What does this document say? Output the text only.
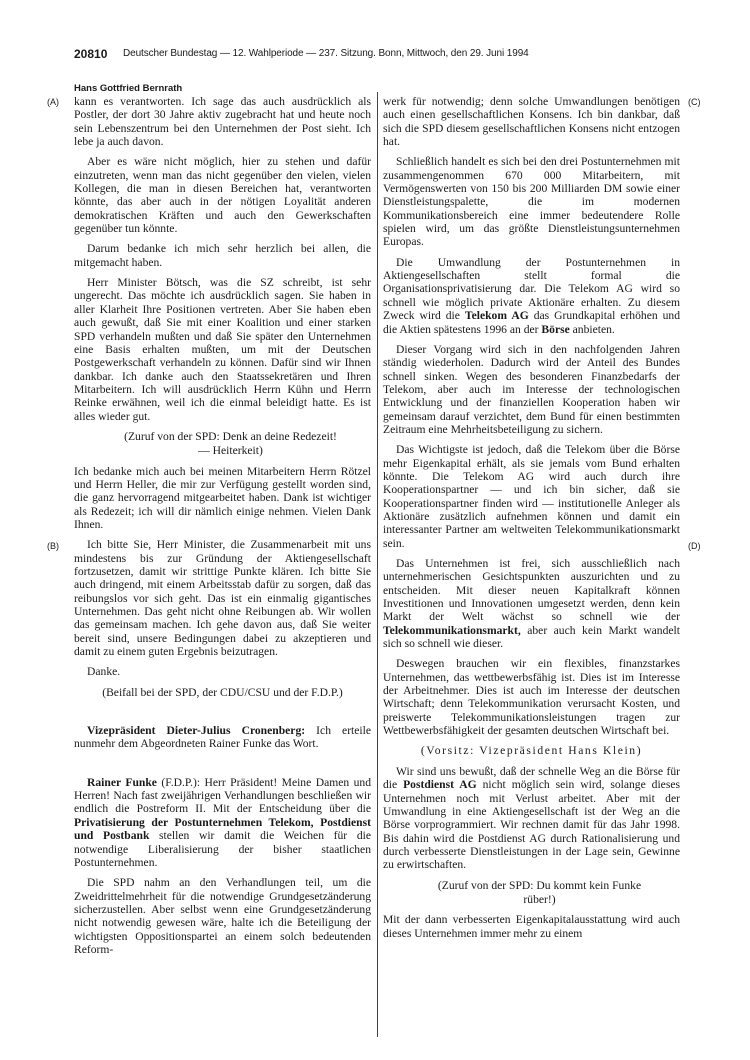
20810 Deutscher Bundestag — 12. Wahlperiode — 237. Sitzung. Bonn, Mittwoch, den 29. Juni 1994
Hans Gottfried Bernrath
(A)
(B)
(C)
(D)

kann es verantworten. Ich sage das auch ausdrücklich als Postler, der dort 30 Jahre aktiv zugebracht hat und heute noch sein Lebenszentrum bei den Unternehmen der Post sieht. Ich lebe ja auch davon.

Aber es wäre nicht möglich, hier zu stehen und dafür einzutreten, wenn man das nicht gegenüber den vielen, vielen Kollegen, die man in diesen Bereichen hat, verantworten könnte, das aber auch in der nötigen Loyalität anderen demokratischen Kräften und auch den Gewerkschaften gegenüber tun könnte.

Darum bedanke ich mich sehr herzlich bei allen, die mitgemacht haben.

Herr Minister Bötsch, was die SZ schreibt, ist sehr ungerecht. Das möchte ich ausdrücklich sagen. Sie haben in aller Klarheit Ihre Positionen vertreten. Aber Sie haben eben auch gewußt, daß Sie mit einer Koalition und einer starken SPD verhandeln mußten und daß Sie später den Unternehmen eine Basis erhalten mußten, um mit der Deutschen Postgewerkschaft verhandeln zu können. Dafür sind wir Ihnen dankbar. Ich danke auch den Staatssekretären und Ihren Mitarbeitern. Ich will ausdrücklich Herrn Kühn und Herrn Reinke erwähnen, weil ich die einmal beleidigt hatte. Es ist alles wieder gut.

(Zuruf von der SPD: Denk an deine Redezeit!

— Heiterkeit)

Ich bedanke mich auch bei meinen Mitarbeitern Herrn Rötzel und Herrn Heller, die mir zur Verfügung gestellt worden sind, die ganz hervorragend mitgearbeitet haben. Dank ist wichtiger als Redezeit; ich will dir nämlich einige nehmen. Vielen Dank Ihnen.

Ich bitte Sie, Herr Minister, die Zusammenarbeit mit uns mindestens bis zur Gründung der Aktiengesellschaft fortzusetzen, damit wir strittige Punkte klären. Ich bitte Sie auch dringend, mit einem Arbeitsstab dafür zu sorgen, daß das reibungslos vor sich geht. Das ist ein einmalig gigantisches Unternehmen. Das geht nicht ohne Reibungen ab. Wir wollen das gemeinsam machen. Ich gehe davon aus, daß Sie weiter bereit sind, unsere Bedingungen dabei zu akzeptieren und damit zu einem guten Ergebnis beizutragen.

Danke.

(Beifall bei der SPD, der CDU/CSU und der F.D.P.)

Vizepräsident Dieter-Julius Cronenberg: Ich erteile nunmehr dem Abgeordneten Rainer Funke das Wort.

Rainer Funke (F.D.P.): Herr Präsident! Meine Damen und Herren! Nach fast zweijährigen Verhandlungen beschließen wir endlich die Postreform II. Mit der Entscheidung über die Privatisierung der Postunternehmen Telekom, Postdienst und Postbank stellen wir damit die Weichen für die notwendige Liberalisierung der bisher staatlichen Postunternehmen.

Die SPD nahm an den Verhandlungen teil, um die Zweidrittelmehrheit für die notwendige Grundgesetzänderung sicherzustellen. Aber selbst wenn eine Grundgesetzänderung nicht notwendig gewesen wäre, halte ich die Beteiligung der wichtigsten Oppositionspartei an einem solch bedeutenden Reform-

werk für notwendig; denn solche Umwandlungen benötigen auch einen gesellschaftlichen Konsens. Ich bin dankbar, daß sich die SPD diesem gesellschaftlichen Konsens nicht entzogen hat.

Schließlich handelt es sich bei den drei Postunternehmen mit zusammengenommen 670 000 Mitarbeitern, mit Vermögenswerten von 150 bis 200 Milliarden DM sowie einer Dienstleistungspalette, die im modernen Kommunikationsbereich eine immer bedeutendere Rolle spielen wird, um das größte Dienstleistungsunternehmen Europas.

Die Umwandlung der Postunternehmen in Aktiengesellschaften stellt formal die Organisationsprivatisierung dar. Die Telekom AG wird so schnell wie möglich private Aktionäre erhalten. Zu diesem Zweck wird die Telekom AG das Grundkapital erhöhen und die Aktien spätestens 1996 an der Börse anbieten.

Dieser Vorgang wird sich in den nachfolgenden Jahren ständig wiederholen. Dadurch wird der Anteil des Bundes schnell sinken. Wegen des besonderen Finanzbedarfs der Telekom, aber auch im Interesse der technologischen Entwicklung und der finanziellen Kooperation haben wir gemeinsam darauf verzichtet, dem Bund für einen bestimmten Zeitraum eine Mehrheitsbeteiligung zu sichern.

Das Wichtigste ist jedoch, daß die Telekom über die Börse mehr Eigenkapital erhält, als sie jemals vom Bund erhalten könnte. Die Telekom AG wird auch durch ihre Kooperationspartner — und ich bin sicher, daß sie Kooperationspartner finden wird — institutionelle Anleger als Aktionäre zusätzlich aufnehmen können und damit ein interessanter Partner am weltweiten Telekommunikationsmarkt sein.

Das Unternehmen ist frei, sich ausschließlich nach unternehmerischen Gesichtspunkten auszurichten und zu entscheiden. Mit dieser neuen Kapitalkraft können Investitionen und Innovationen umgesetzt werden, denn kein Markt der Welt wächst so schnell wie der Telekommunikationsmarkt, aber auch kein Markt wandelt sich so schnell wie dieser.

Deswegen brauchen wir ein flexibles, finanzstarkes Unternehmen, das wettbewerbsfähig ist. Dies ist im Interesse der Arbeitnehmer. Dies ist auch im Interesse der deutschen Wirtschaft; denn Telekommunikation verursacht Kosten, und preiswerte Telekommunikationsleistungen tragen zur Wettbewerbsfähigkeit der gesamten deutschen Wirtschaft bei.

(Vorsitz: Vizepräsident Hans Klein)

Wir sind uns bewußt, daß der schnelle Weg an die Börse für die Postdienst AG nicht möglich sein wird, solange dieses Unternehmen noch mit Verlust arbeitet. Aber mit der Umwandlung in eine Aktiengesellschaft ist der Weg an die Börse vorprogrammiert. Wir rechnen damit für das Jahr 1998. Bis dahin wird die Postdienst AG durch Rationalisierung und durch verbesserte Dienstleistungen in der Lage sein, Gewinne zu erwirtschaften.

(Zuruf von der SPD: Du kommt kein Funke

rüber!)

Mit der dann verbesserten Eigenkapitalausstattung wird auch dieses Unternehmen immer mehr zu einem
